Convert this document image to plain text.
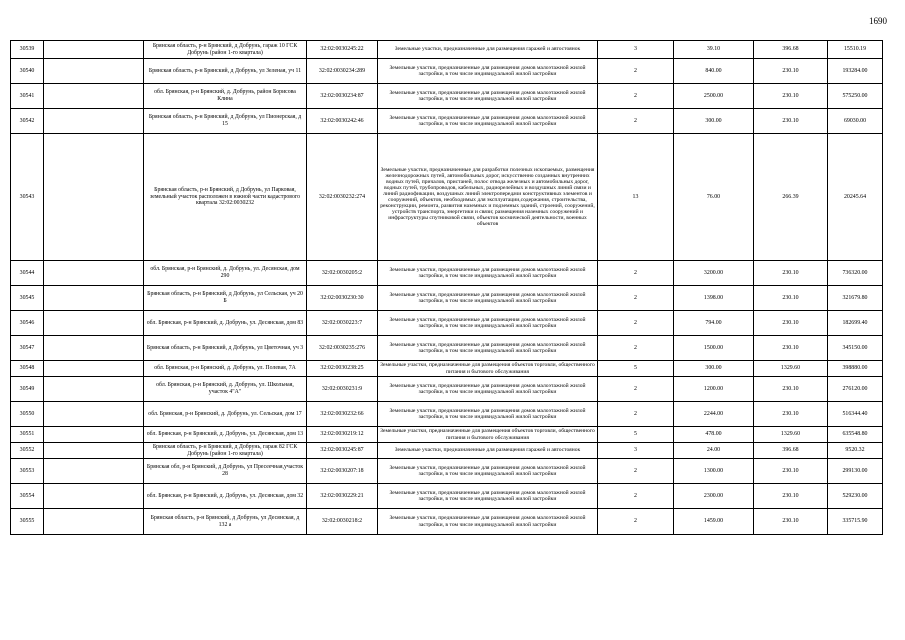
1690
30539		Брянская область, р-н Брянский, д Добрунь, гараж 10 ГСК Добрунь (район 1-го квартала)	32:02:0030245:22	Земельные участки, предназначенные для размещения гаражей и автостоянок	3	39.10	396.68	15510.19
30540		Брянская область, р-н Брянский, д Добрунь, ул Зеленая, уч 11	32:02:0030234:289	Земельные участки, предназначенные для размещения домов малоэтажной жилой застройки, в том числе индивидуальной жилой застройки	2	840.00	230.10	193284.00
30541		обл. Брянская, р-н Брянский, д. Добрунь, район Борисова Клина	32:02:0030234:87	Земельные участки, предназначенные для размещения домов малоэтажной жилой застройки, в том числе индивидуальной жилой застройки	2	2500.00	230.10	575250.00
30542		Брянская область, р-н Брянский, д Добрунь, ул Пионерская, д 15	32:02:0030242:46	Земельные участки, предназначенные для размещения домов малоэтажной жилой застройки, в том числе индивидуальной жилой застройки	2	300.00	230.10	69030.00
30543		Брянская область, р-н Брянский, д Добрунь, ул Парковая, земельный участок расположен в южной части кадастрового квартала 32:02:0030232	32:02:0030232:274	Земельные участки, предназначенные для разработки полезных ископаемых, размещения железнодорожных путей, автомобильных дорог, искусственно созданных внутренних водных путей, причалов, пристаней, полос отвода железных и автомобильных дорог, водных путей, трубопроводов, кабельных, радиорелейных и воздушных линий связи и линий радиофикации, воздушных линий электропередачи конструктивных элементов и сооружений, объектов, необходимых для эксплуатации,содержания, строительства, реконструкции, ремонта, развития наземных и подземных зданий, строений, сооружений, устройств транспорта, энергетики и связи; размещения наземных сооружений и инфраструктуры спутниковой связи, объектов космической деятельности, военных объектов	13	76.00	266.39	20245.64
30544		обл. Брянская, р-н Брянский, д. Добрунь, ул. Десянская, дом 290	32:02:0030205:2	Земельные участки, предназначенные для размещения домов малоэтажной жилой застройки, в том числе индивидуальной жилой застройки	2	3200.00	230.10	736320.00
30545		Брянская область, р-н Брянский, д Добрунь, ул Сельская, уч 20 Б	32:02:0030230:30	Земельные участки, предназначенные для размещения домов малоэтажной жилой застройки, в том числе индивидуальной жилой застройки	2	1398.00	230.10	321679.80
30546		обл. Брянская, р-н Брянский, д. Добрунь, ул. Десянская, дом 83	32:02:0030223:7	Земельные участки, предназначенные для размещения домов малоэтажной жилой застройки, в том числе индивидуальной жилой застройки	2	794.00	230.10	182699.40
30547		Брянская область, р-н Брянский, д Добрунь, ул Цветочная, уч 3	32:02:0030235:276	Земельные участки, предназначенные для размещения домов малоэтажной жилой застройки, в том числе индивидуальной жилой застройки	2	1500.00	230.10	345150.00
30548		обл. Брянская, р-н Брянский, д. Добрунь, ул. Полевая, 7А	32:02:0030238:25	Земельные участки, предназначенные для размещения объектов торговли, общественного питания и бытового обслуживания	5	300.00	1329.60	398880.00
30549		обл. Брянская, р-н Брянский, д. Добрунь, ул. Школьная, участок 4"А"	32:02:0030231:9	Земельные участки, предназначенные для размещения домов малоэтажной жилой застройки, в том числе индивидуальной жилой застройки	2	1200.00	230.10	276120.00
30550		обл. Брянская, р-н Брянский, д. Добрунь, ул. Сельская, дом 17	32:02:0030232:66	Земельные участки, предназначенные для размещения домов малоэтажной жилой застройки, в том числе индивидуальной жилой застройки	2	2244.00	230.10	516344.40
30551		обл. Брянская, р-н Брянский, д. Добрунь, ул. Десянская, дом 13	32:02:0030219:12	Земельные участки, предназначенные для размещения объектов торговли, общественного питания и бытового обслуживания	5	478.00	1329.60	635548.80
30552		Брянская область, р-н Брянский, д Добрунь, гараж 82 ГСК Добрунь (район 1-го квартала)	32:02:0030245:87	Земельные участки, предназначенные для размещения гаражей и автостоянок	3	24.00	396.68	9520.32
30553		Брянская обл, р-н Брянский, д Добрунь, ул Пресеечная,участок 28	32:02:0030207:18	Земельные участки, предназначенные для размещения домов малоэтажной жилой застройки, в том числе индивидуальной жилой застройки	2	1300.00	230.10	299130.00
30554		обл. Брянская, р-н Брянский, д. Добрунь, ул. Десянская, дом 32	32:02:0030229:21	Земельные участки, предназначенные для размещения домов малоэтажной жилой застройки, в том числе индивидуальной жилой застройки	2	2300.00	230.10	529230.00
30555		Брянская область, р-н Брянский, д Добрунь, ул Десянская, д 132 а	32:02:0030218:2	Земельные участки, предназначенные для размещения домов малоэтажной жилой застройки, в том числе индивидуальной жилой застройки	2	1459.00	230.10	335715.90
